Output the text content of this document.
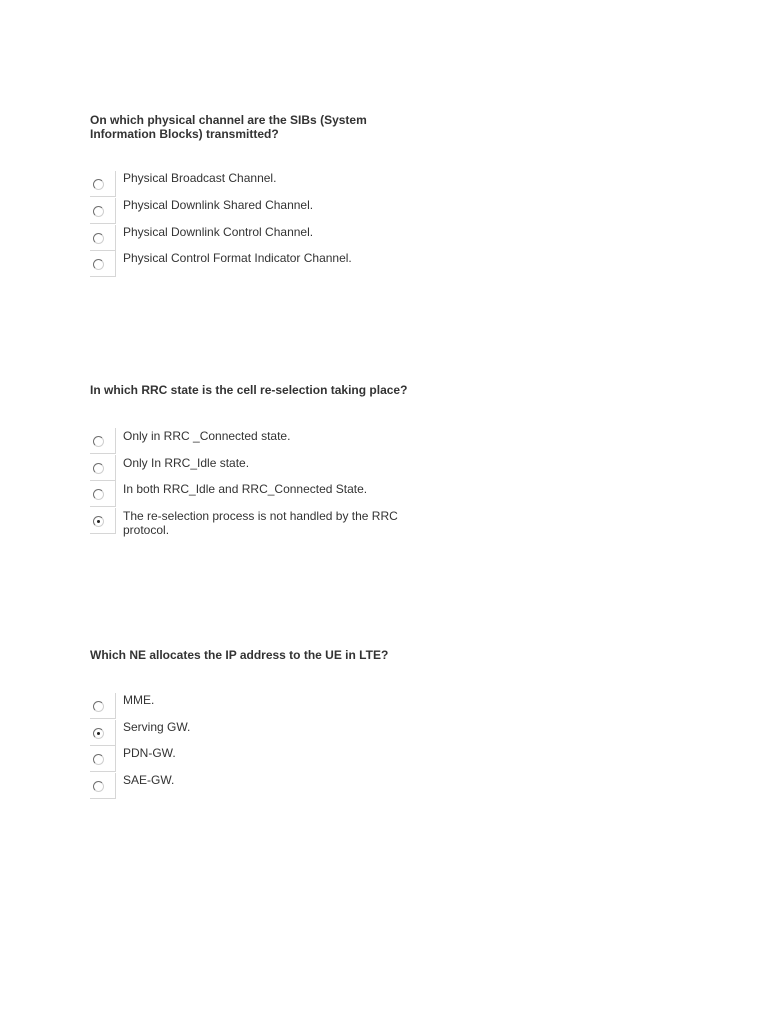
On which physical channel are the SIBs (System Information Blocks) transmitted?

Physical Broadcast Channel.
Physical Downlink Shared Channel.
Physical Downlink Control Channel.
Physical Control Format Indicator Channel.

In which RRC state is the cell re-selection taking place?

Only in RRC _Connected state.
Only In RRC_Idle state.
In both RRC_Idle and RRC_Connected State.
The re-selection process is not handled by the RRC protocol.

Which NE allocates the IP address to the UE in LTE?

MME.
Serving GW.
PDN-GW.
SAE-GW.
